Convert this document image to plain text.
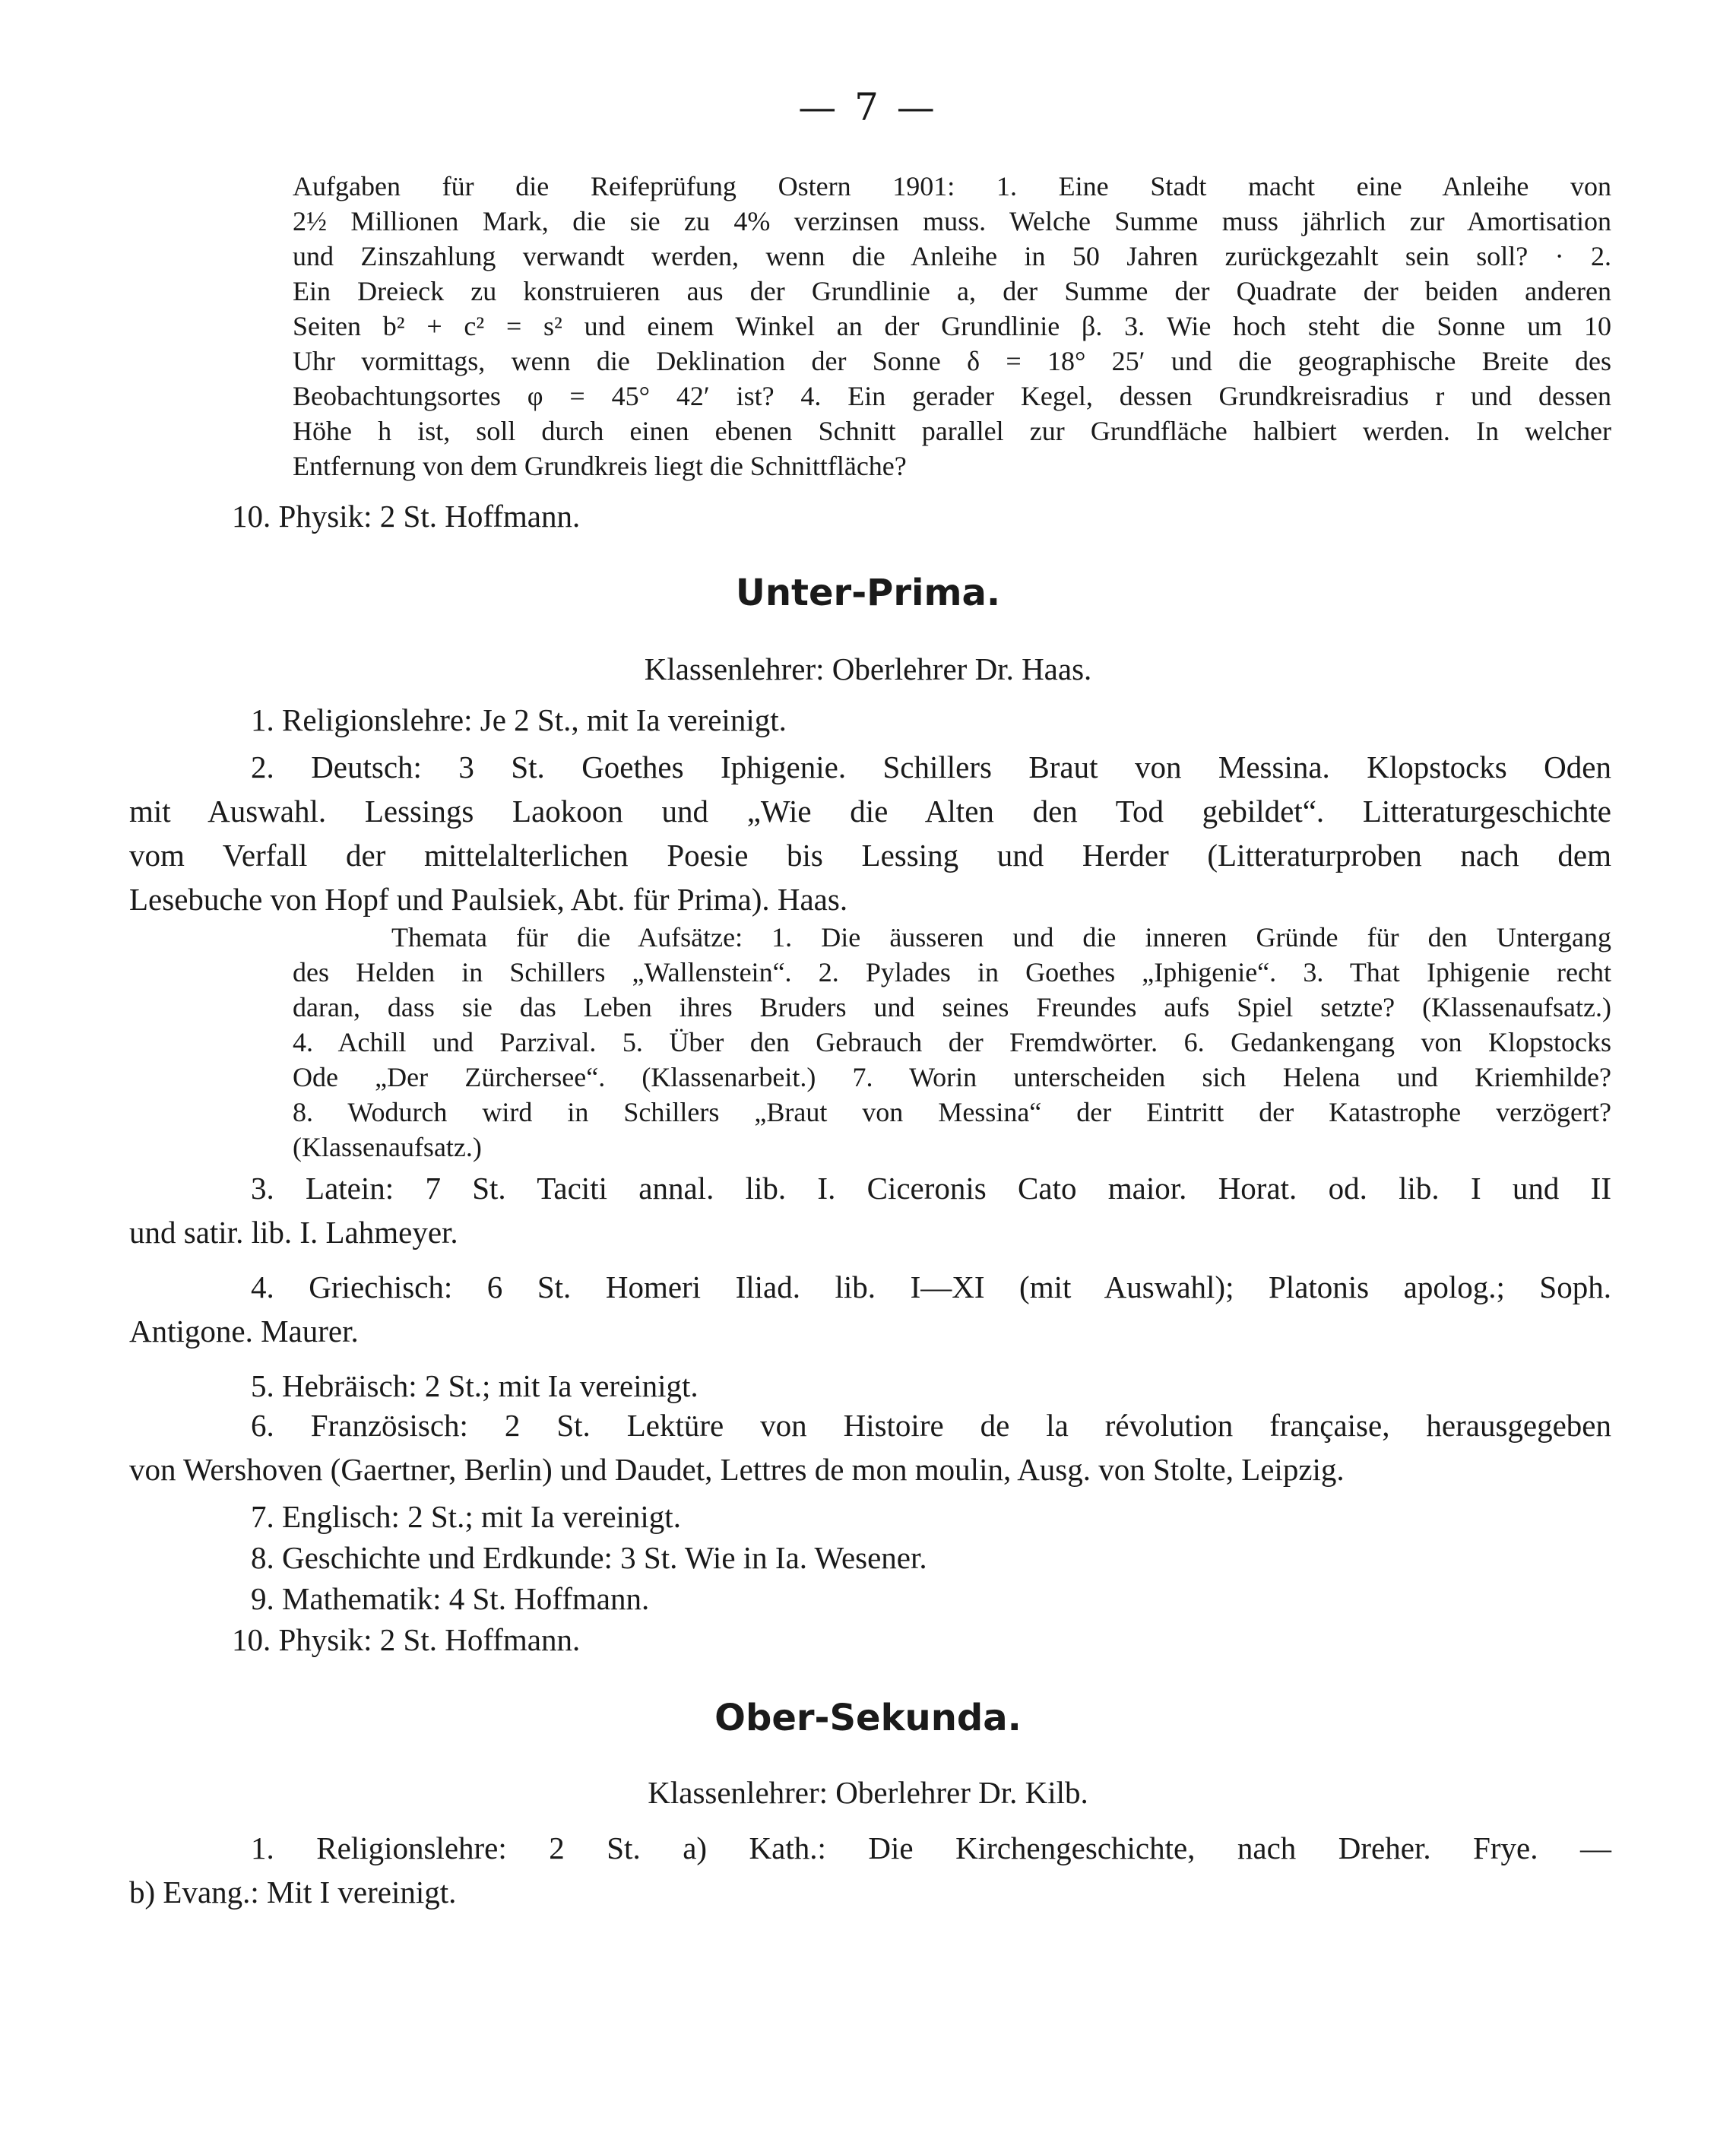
— 7 —
Aufgaben für die Reifeprüfung Ostern 1901: 1. Eine Stadt macht eine Anleihe von
2½ Millionen Mark, die sie zu 4% verzinsen muss. Welche Summe muss jährlich zur Amortisation
und Zinszahlung verwandt werden, wenn die Anleihe in 50 Jahren zurückgezahlt sein soll? · 2.
Ein Dreieck zu konstruieren aus der Grundlinie a, der Summe der Quadrate der beiden anderen
Seiten b² + c² = s² und einem Winkel an der Grundlinie β. 3. Wie hoch steht die Sonne um 10
Uhr vormittags, wenn die Deklination der Sonne δ = 18° 25′ und die geographische Breite des
Beobachtungsortes φ = 45° 42′ ist? 4. Ein gerader Kegel, dessen Grundkreisradius r und dessen
Höhe h ist, soll durch einen ebenen Schnitt parallel zur Grundfläche halbiert werden. In welcher
Entfernung von dem Grundkreis liegt die Schnittfläche?
10. Physik: 2 St. Hoffmann.
Unter-Prima.
Klassenlehrer: Oberlehrer Dr. Haas.
1. Religionslehre: Je 2 St., mit Ia vereinigt.
2. Deutsch: 3 St. Goethes Iphigenie. Schillers Braut von Messina. Klopstocks Oden
mit Auswahl. Lessings Laokoon und „Wie die Alten den Tod gebildet“. Litteraturgeschichte
vom Verfall der mittelalterlichen Poesie bis Lessing und Herder (Litteraturproben nach dem
Lesebuche von Hopf und Paulsiek, Abt. für Prima). Haas.
Themata für die Aufsätze: 1. Die äusseren und die inneren Gründe für den Untergang
des Helden in Schillers „Wallenstein“. 2. Pylades in Goethes „Iphigenie“. 3. That Iphigenie recht
daran, dass sie das Leben ihres Bruders und seines Freundes aufs Spiel setzte? (Klassenaufsatz.)
4. Achill und Parzival. 5. Über den Gebrauch der Fremdwörter. 6. Gedankengang von Klopstocks
Ode „Der Zürchersee“. (Klassenarbeit.) 7. Worin unterscheiden sich Helena und Kriemhilde?
8. Wodurch wird in Schillers „Braut von Messina“ der Eintritt der Katastrophe verzögert?
(Klassenaufsatz.)
3. Latein: 7 St. Taciti annal. lib. I. Ciceronis Cato maior. Horat. od. lib. I und II
und satir. lib. I. Lahmeyer.
4. Griechisch: 6 St. Homeri Iliad. lib. I—XI (mit Auswahl); Platonis apolog.; Soph.
Antigone. Maurer.
5. Hebräisch: 2 St.; mit Ia vereinigt.
6. Französisch: 2 St. Lektüre von Histoire de la révolution française, herausgegeben
von Wershoven (Gaertner, Berlin) und Daudet, Lettres de mon moulin, Ausg. von Stolte, Leipzig.
7. Englisch: 2 St.; mit Ia vereinigt.
8. Geschichte und Erdkunde: 3 St. Wie in Ia. Wesener.
9. Mathematik: 4 St. Hoffmann.
10. Physik: 2 St. Hoffmann.
Ober-Sekunda.
Klassenlehrer: Oberlehrer Dr. Kilb.
1. Religionslehre: 2 St. a) Kath.: Die Kirchengeschichte, nach Dreher. Frye. —
b) Evang.: Mit I vereinigt.
